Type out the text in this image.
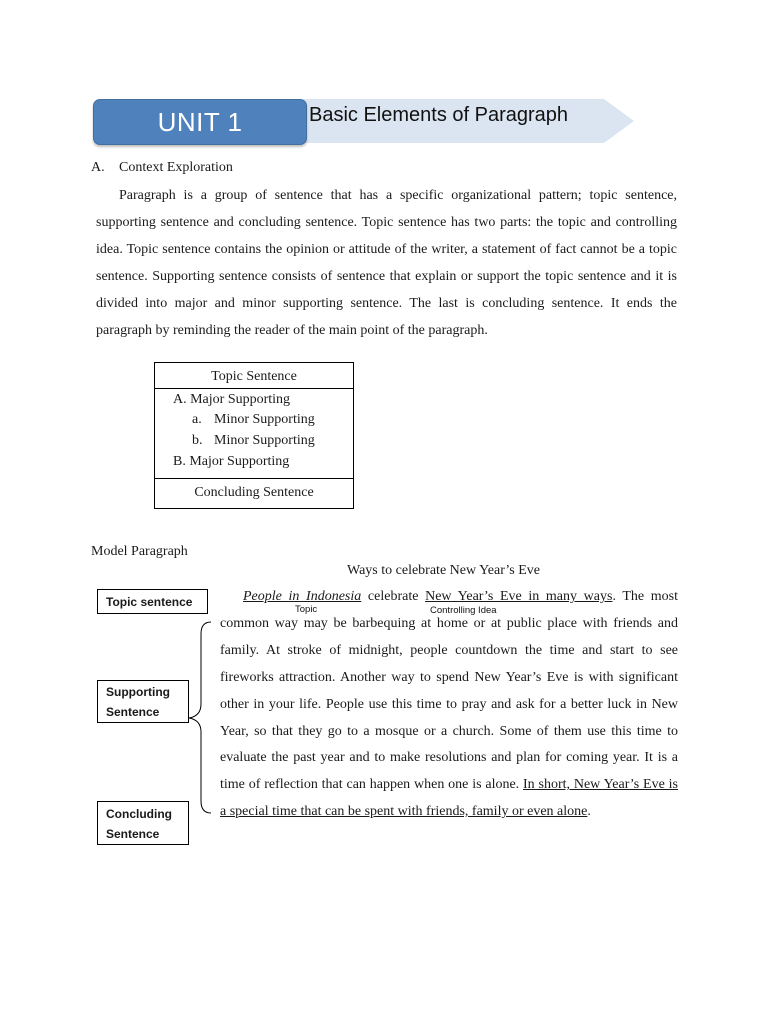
UNIT 1	Basic Elements of Paragraph
A. Context Exploration

Paragraph is a group of sentence that has a specific organizational pattern; topic sentence, supporting sentence and concluding sentence. Topic sentence has two parts: the topic and controlling idea. Topic sentence contains the opinion or attitude of the writer, a statement of fact cannot be a topic sentence. Supporting sentence consists of sentence that explain or support the topic sentence and it is divided into major and minor supporting sentence. The last is concluding sentence. It ends the paragraph by reminding the reader of the main point of the paragraph.

Topic Sentence
A. Major Supporting
a. Minor Supporting
b. Minor Supporting
B. Major Supporting
Concluding Sentence
Model Paragraph
Ways to celebrate New Year’s Eve
Topic sentence
Supporting
Sentence
Concluding
Sentence
People in Indonesia celebrate New Year’s Eve in many ways. The most common way may be barbequing at home or at public place with friends and family. At stroke of midnight, people countdown the time and start to see fireworks attraction. Another way to spend New Year’s Eve is with significant other in your life. People use this time to pray and ask for a better luck in New Year, so that they go to a mosque or a church. Some of them use this time to evaluate the past year and to make resolutions and plan for coming year. It is a time of reflection that can happen when one is alone. In short, New Year’s Eve is a special time that can be spent with friends, family or even alone.
Topic	Controlling Idea
